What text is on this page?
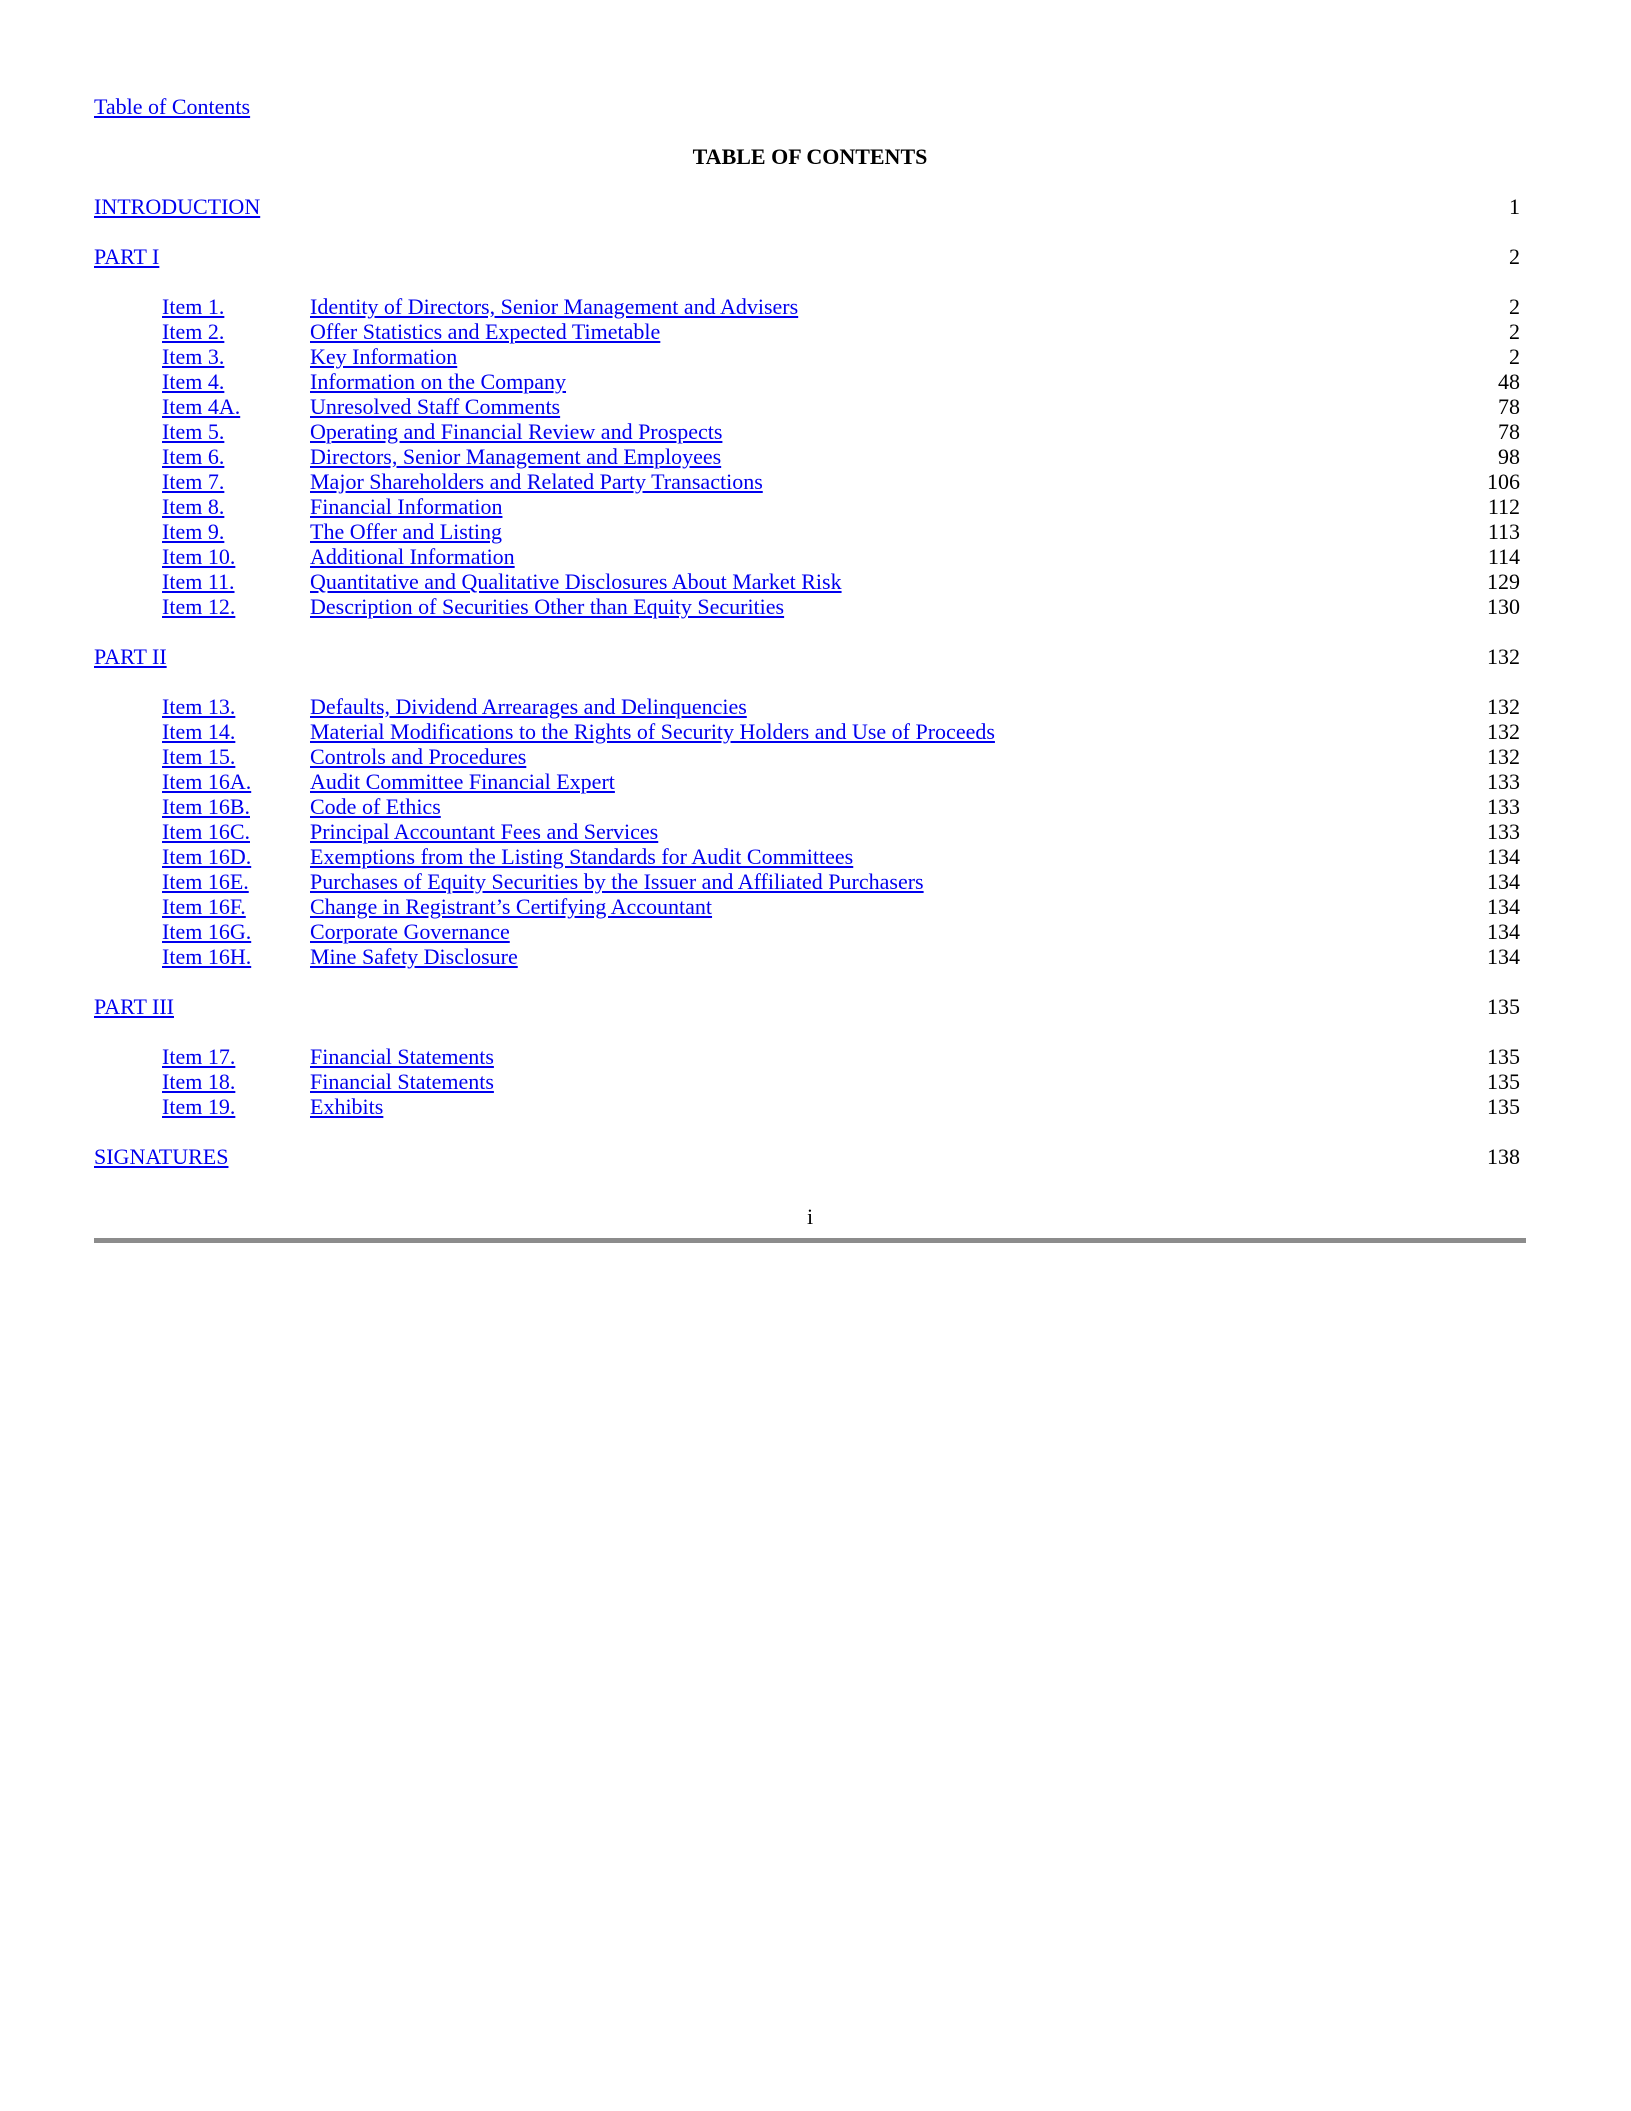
Table of Contents
TABLE OF CONTENTS
INTRODUCTION	1
PART I	2
Item 1.	Identity of Directors, Senior Management and Advisers	2
Item 2.	Offer Statistics and Expected Timetable	2
Item 3.	Key Information	2
Item 4.	Information on the Company	48
Item 4A.	Unresolved Staff Comments	78
Item 5.	Operating and Financial Review and Prospects	78
Item 6.	Directors, Senior Management and Employees	98
Item 7.	Major Shareholders and Related Party Transactions	106
Item 8.	Financial Information	112
Item 9.	The Offer and Listing	113
Item 10.	Additional Information	114
Item 11.	Quantitative and Qualitative Disclosures About Market Risk	129
Item 12.	Description of Securities Other than Equity Securities	130
PART II	132
Item 13.	Defaults, Dividend Arrearages and Delinquencies	132
Item 14.	Material Modifications to the Rights of Security Holders and Use of Proceeds	132
Item 15.	Controls and Procedures	132
Item 16A.	Audit Committee Financial Expert	133
Item 16B.	Code of Ethics	133
Item 16C.	Principal Accountant Fees and Services	133
Item 16D.	Exemptions from the Listing Standards for Audit Committees	134
Item 16E.	Purchases of Equity Securities by the Issuer and Affiliated Purchasers	134
Item 16F.	Change in Registrant’s Certifying Accountant	134
Item 16G.	Corporate Governance	134
Item 16H.	Mine Safety Disclosure	134
PART III	135
Item 17.	Financial Statements	135
Item 18.	Financial Statements	135
Item 19.	Exhibits	135
SIGNATURES	138
i
